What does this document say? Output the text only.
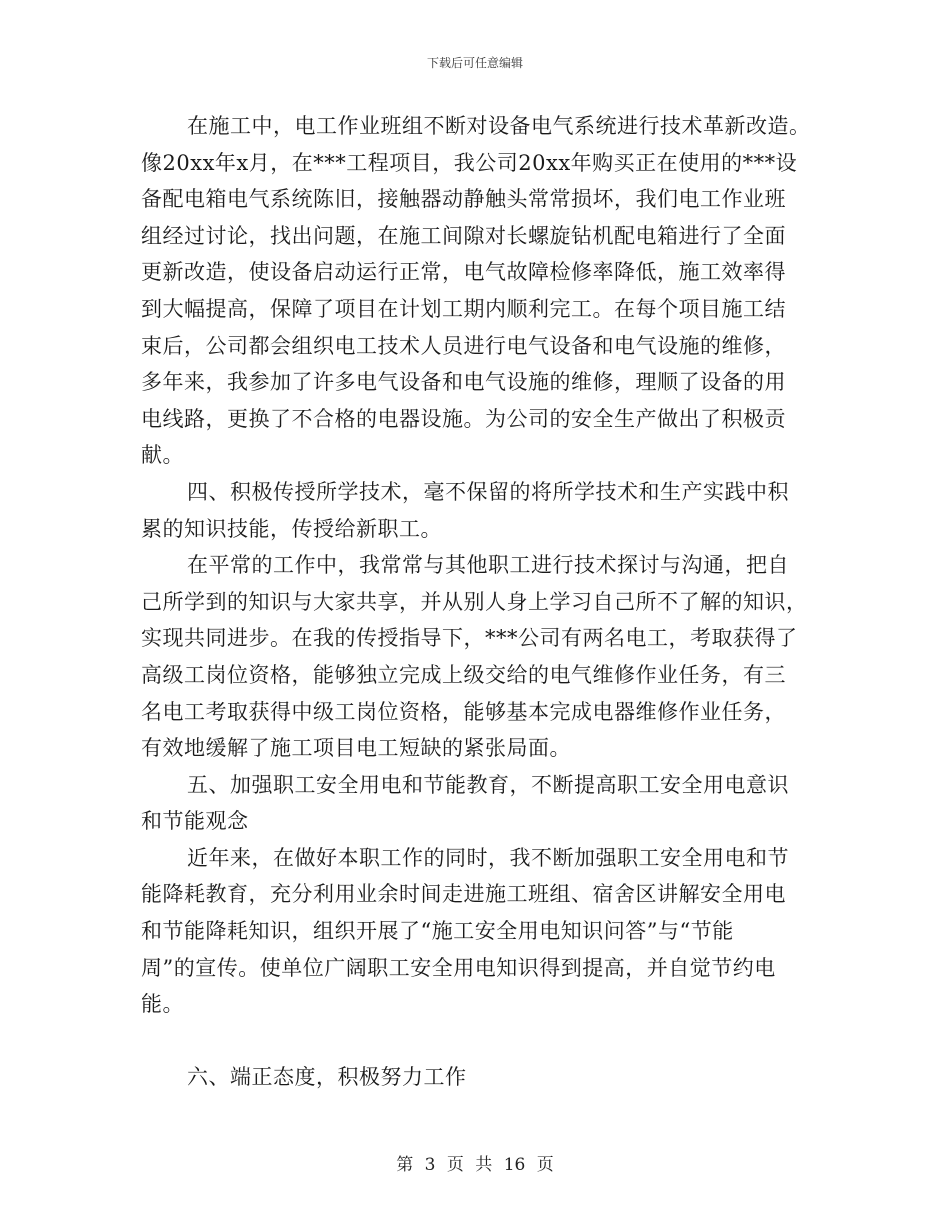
下载后可任意编辑
在施工中，电工作业班组不断对设备电气系统进行技术革新改造。
像20xx年x月，在***工程项目，我公司20xx年购买正在使用的***设
备配电箱电气系统陈旧，接触器动静触头常常损坏，我们电工作业班
组经过讨论，找出问题，在施工间隙对长螺旋钻机配电箱进行了全面
更新改造，使设备启动运行正常，电气故障检修率降低，施工效率得
到大幅提高，保障了项目在计划工期内顺利完工。在每个项目施工结
束后，公司都会组织电工技术人员进行电气设备和电气设施的维修，
多年来，我参加了许多电气设备和电气设施的维修，理顺了设备的用
电线路，更换了不合格的电器设施。为公司的安全生产做出了积极贡
献。
四、积极传授所学技术，毫不保留的将所学技术和生产实践中积
累的知识技能，传授给新职工。
在平常的工作中，我常常与其他职工进行技术探讨与沟通，把自
己所学到的知识与大家共享，并从别人身上学习自己所不了解的知识，
实现共同进步。在我的传授指导下，***公司有两名电工，考取获得了
高级工岗位资格，能够独立完成上级交给的电气维修作业任务，有三
名电工考取获得中级工岗位资格，能够基本完成电器维修作业任务，
有效地缓解了施工项目电工短缺的紧张局面。
五、加强职工安全用电和节能教育，不断提高职工安全用电意识
和节能观念
近年来，在做好本职工作的同时，我不断加强职工安全用电和节
能降耗教育，充分利用业余时间走进施工班组、宿舍区讲解安全用电
和节能降耗知识，组织开展了“施工安全用电知识问答”与“节能
周”的宣传。使单位广阔职工安全用电知识得到提高，并自觉节约电
能。
六、端正态度，积极努力工作
第 3 页 共 16 页
